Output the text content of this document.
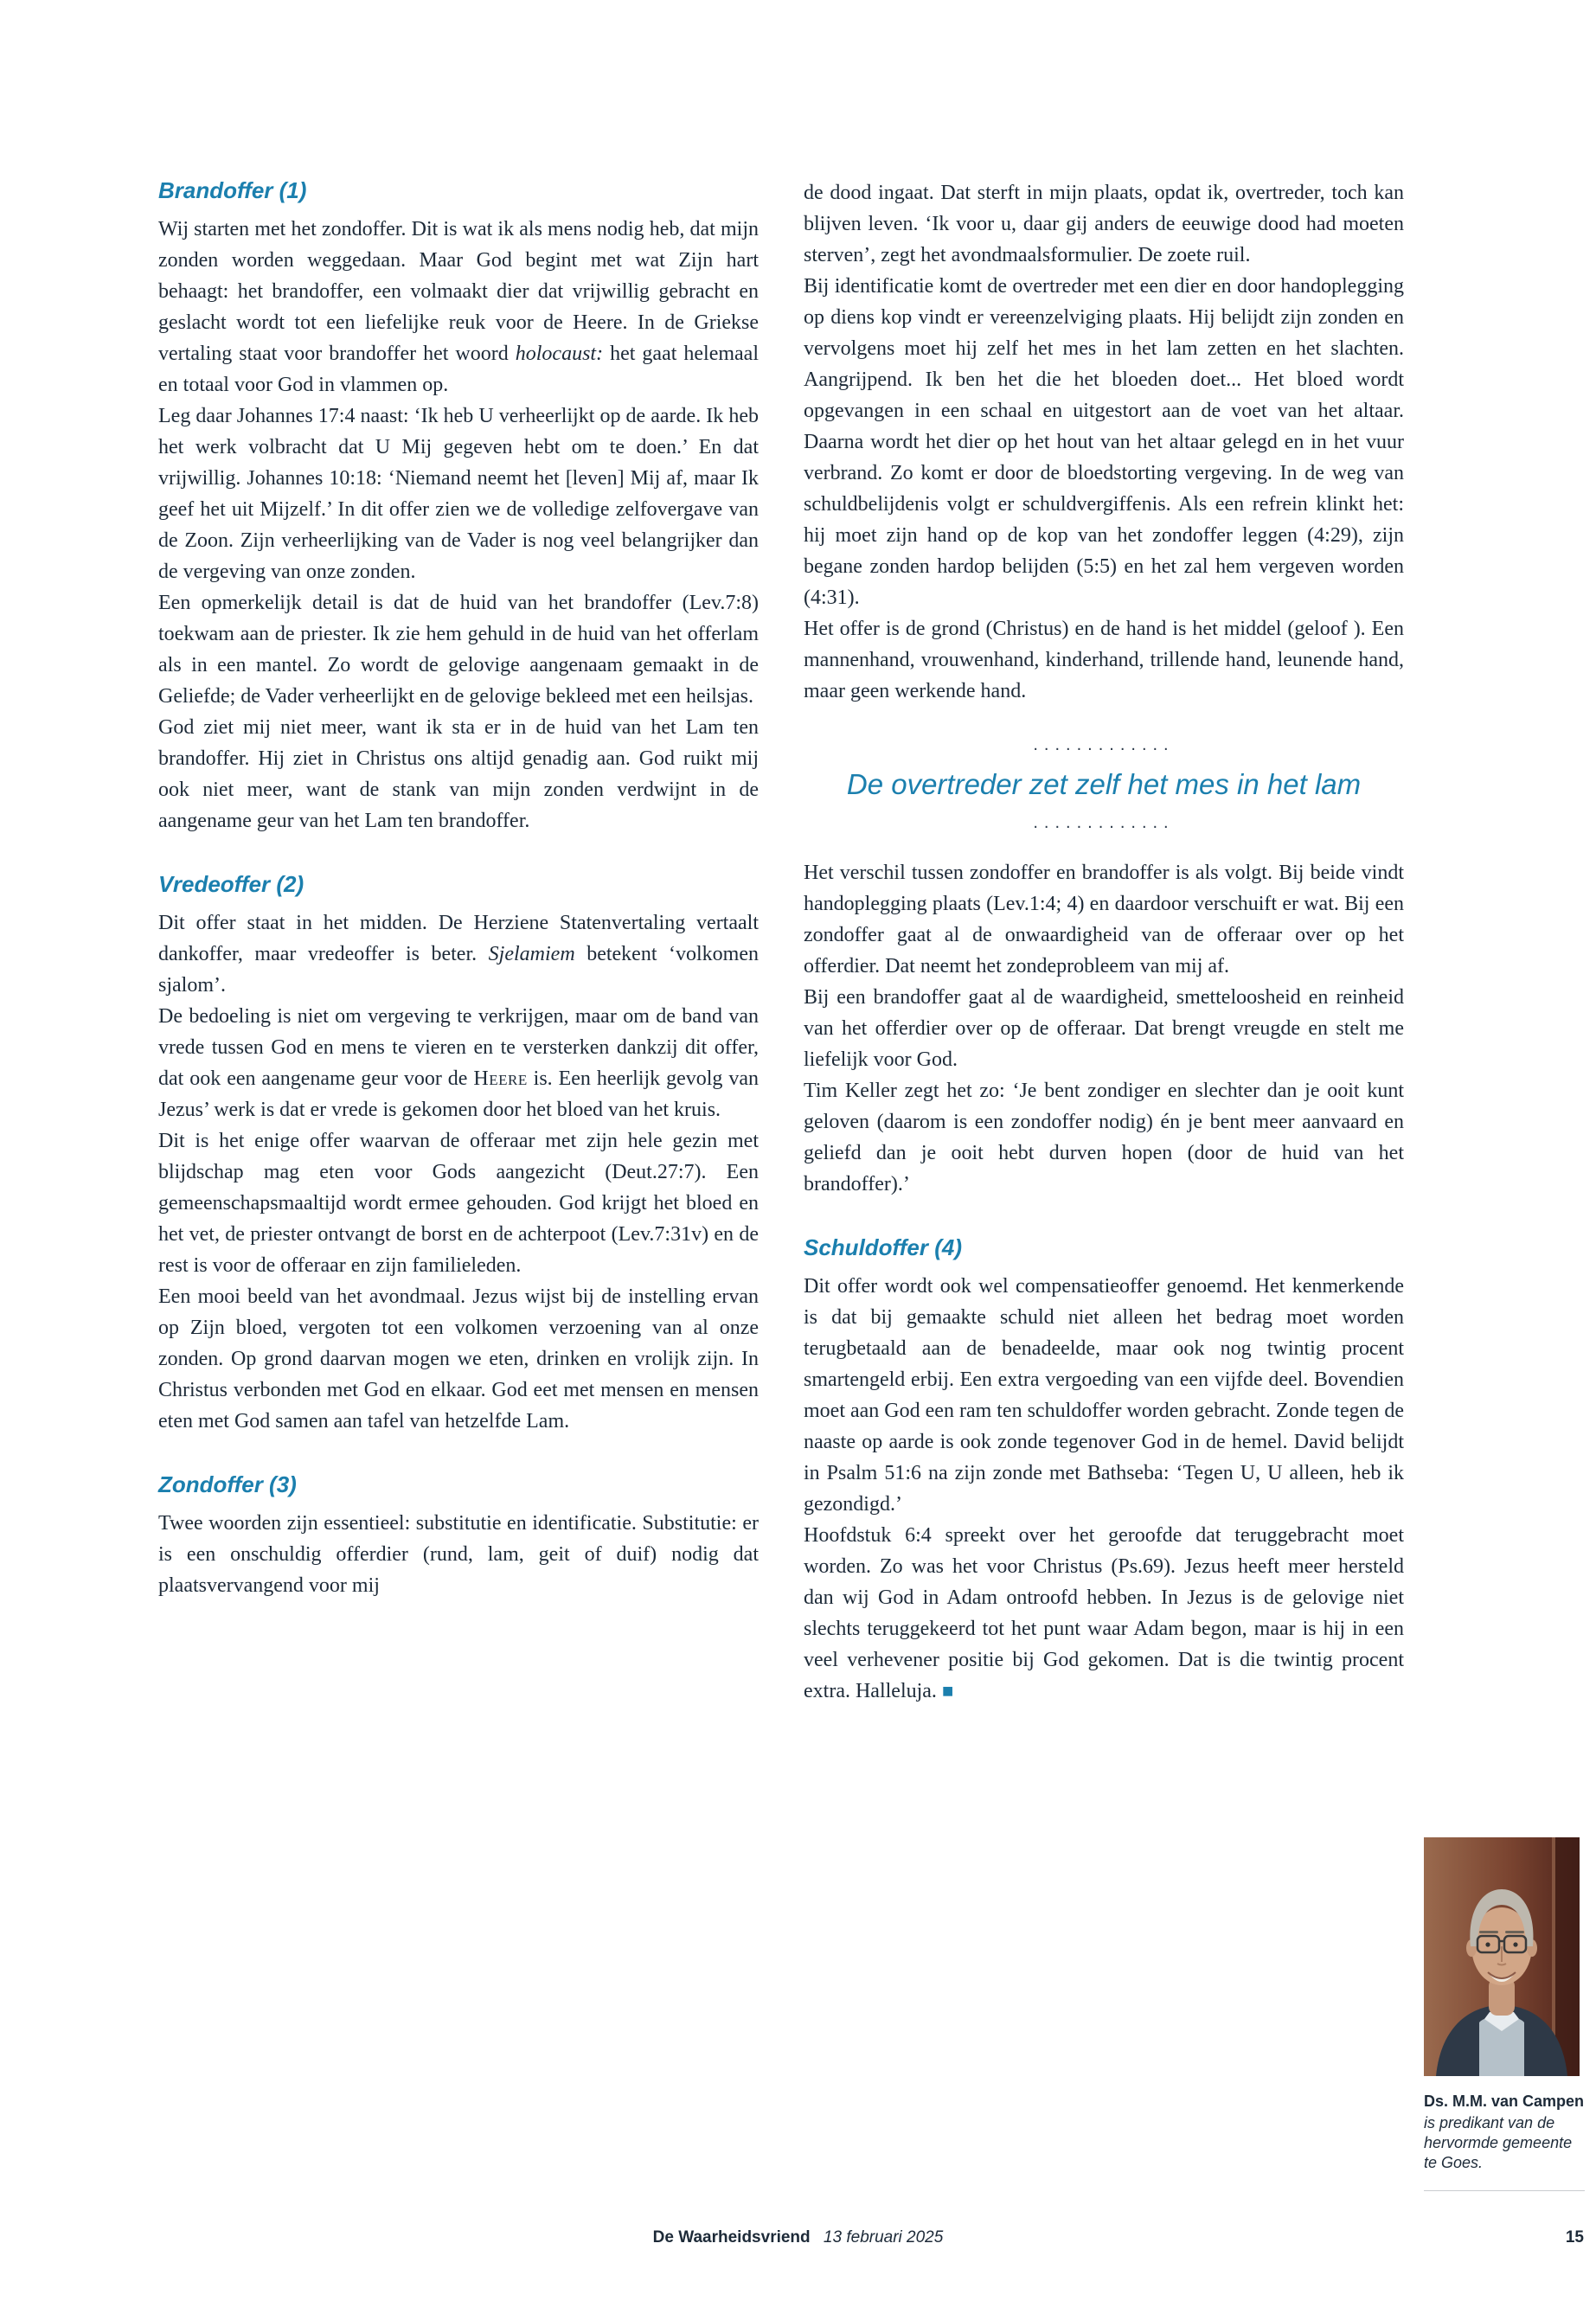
Brandoffer (1)

Wij starten met het zondoffer. Dit is wat ik als mens nodig heb, dat mijn zonden worden weggedaan. Maar God begint met wat Zijn hart behaagt: het brandoffer, een volmaakt dier dat vrijwillig gebracht en geslacht wordt tot een liefelijke reuk voor de Heere. In de Griekse vertaling staat voor brandoffer het woord holocaust: het gaat helemaal en totaal voor God in vlammen op.

Leg daar Johannes 17:4 naast: ‘Ik heb U verheerlijkt op de aarde. Ik heb het werk volbracht dat U Mij gegeven hebt om te doen.’ En dat vrijwillig. Johannes 10:18: ‘Niemand neemt het [leven] Mij af, maar Ik geef het uit Mijzelf.’ In dit offer zien we de volledige zelfovergave van de Zoon. Zijn verheerlijking van de Vader is nog veel belangrijker dan de vergeving van onze zonden.

Een opmerkelijk detail is dat de huid van het brandoffer (Lev.7:8) toekwam aan de priester. Ik zie hem gehuld in de huid van het offerlam als in een mantel. Zo wordt de gelovige aangenaam gemaakt in de Geliefde; de Vader verheerlijkt en de gelovige bekleed met een heilsjas.

God ziet mij niet meer, want ik sta er in de huid van het Lam ten brandoffer. Hij ziet in Christus ons altijd genadig aan. God ruikt mij ook niet meer, want de stank van mijn zonden verdwijnt in de aangename geur van het Lam ten brandoffer.

Vredeoffer (2)

Dit offer staat in het midden. De Herziene Statenvertaling vertaalt dankoffer, maar vredeoffer is beter. Sjelamiem betekent ‘volkomen sjalom’.

De bedoeling is niet om vergeving te verkrijgen, maar om de band van vrede tussen God en mens te vieren en te versterken dankzij dit offer, dat ook een aangename geur voor de Heere is. Een heerlijk gevolg van Jezus’ werk is dat er vrede is gekomen door het bloed van het kruis.

Dit is het enige offer waarvan de offeraar met zijn hele gezin met blijdschap mag eten voor Gods aangezicht (Deut.27:7). Een gemeenschapsmaaltijd wordt ermee gehouden. God krijgt het bloed en het vet, de priester ontvangt de borst en de achterpoot (Lev.7:31v) en de rest is voor de offeraar en zijn familieleden.

Een mooi beeld van het avondmaal. Jezus wijst bij de instelling ervan op Zijn bloed, vergoten tot een volkomen verzoening van al onze zonden. Op grond daarvan mogen we eten, drinken en vrolijk zijn. In Christus verbonden met God en elkaar. God eet met mensen en mensen eten met God samen aan tafel van hetzelfde Lam.

Zondoffer (3)

Twee woorden zijn essentieel: substitutie en identificatie. Substitutie: er is een onschuldig offerdier (rund, lam, geit of duif) nodig dat plaatsvervangend voor mij

de dood ingaat. Dat sterft in mijn plaats, opdat ik, overtreder, toch kan blijven leven. ‘Ik voor u, daar gij anders de eeuwige dood had moeten sterven’, zegt het avondmaalsformulier. De zoete ruil.

Bij identificatie komt de overtreder met een dier en door handoplegging op diens kop vindt er vereenzelviging plaats. Hij belijdt zijn zonden en vervolgens moet hij zelf het mes in het lam zetten en het slachten. Aangrijpend. Ik ben het die het bloeden doet... Het bloed wordt opgevangen in een schaal en uitgestort aan de voet van het altaar. Daarna wordt het dier op het hout van het altaar gelegd en in het vuur verbrand. Zo komt er door de bloedstorting vergeving. In de weg van schuldbelijdenis volgt er schuldvergiffenis. Als een refrein klinkt het: hij moet zijn hand op de kop van het zondoffer leggen (4:29), zijn begane zonden hardop belijden (5:5) en het zal hem vergeven worden (4:31).

Het offer is de grond (Christus) en de hand is het middel (geloof ). Een mannenhand, vrouwenhand, kinderhand, trillende hand, leunende hand, maar geen werkende hand.

.............
De overtreder zet zelf het mes in het lam
.............

Het verschil tussen zondoffer en brandoffer is als volgt. Bij beide vindt handoplegging plaats (Lev.1:4; 4) en daardoor verschuift er wat. Bij een zondoffer gaat al de onwaardigheid van de offeraar over op het offerdier. Dat neemt het zondeprobleem van mij af.

Bij een brandoffer gaat al de waardigheid, smetteloosheid en reinheid van het offerdier over op de offeraar. Dat brengt vreugde en stelt me liefelijk voor God.

Tim Keller zegt het zo: ‘Je bent zondiger en slechter dan je ooit kunt geloven (daarom is een zondoffer nodig) én je bent meer aanvaard en geliefd dan je ooit hebt durven hopen (door de huid van het brandoffer).’

Schuldoffer (4)

Dit offer wordt ook wel compensatieoffer genoemd. Het kenmerkende is dat bij gemaakte schuld niet alleen het bedrag moet worden terugbetaald aan de benadeelde, maar ook nog twintig procent smartengeld erbij. Een extra vergoeding van een vijfde deel. Bovendien moet aan God een ram ten schuldoffer worden gebracht. Zonde tegen de naaste op aarde is ook zonde tegenover God in de hemel. David belijdt in Psalm 51:6 na zijn zonde met Bathseba: ‘Tegen U, U alleen, heb ik gezondigd.’

Hoofdstuk 6:4 spreekt over het geroofde dat teruggebracht moet worden. Zo was het voor Christus (Ps.69). Jezus heeft meer hersteld dan wij God in Adam ontroofd hebben. In Jezus is de gelovige niet slechts teruggekeerd tot het punt waar Adam begon, maar is hij in een veel verhevener positie bij God gekomen. Dat is die twintig procent extra. Halleluja. ■

Ds. M.M. van Campen
is predikant van de hervormde gemeente te Goes.
De Waarheidsvriend 13 februari 2025	15
